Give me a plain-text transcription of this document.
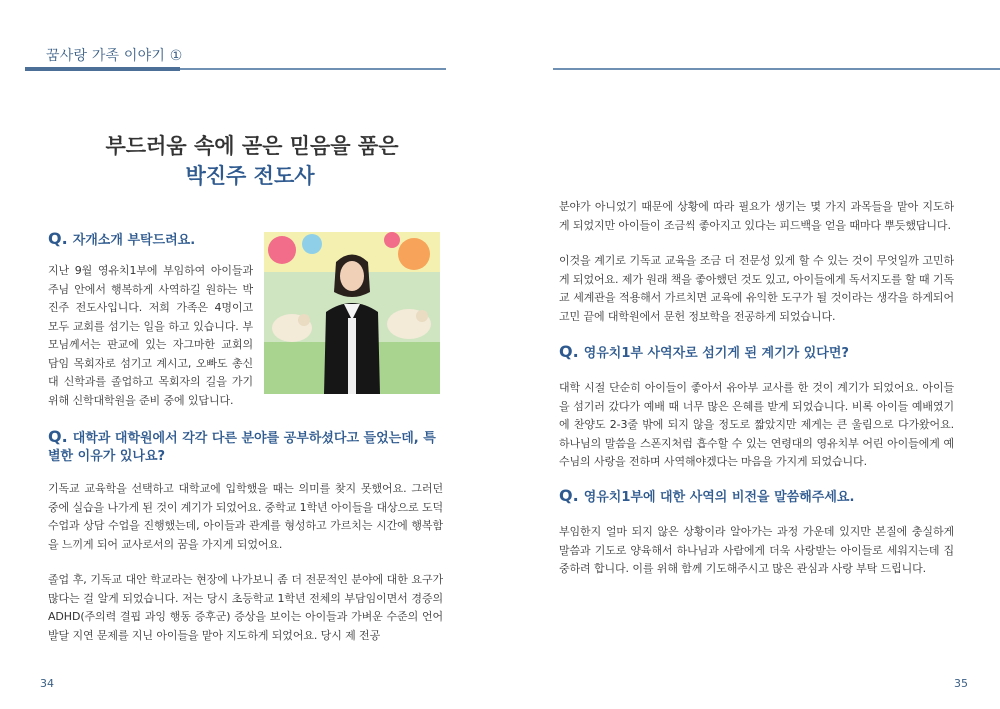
꿈사랑 가족 이야기 ①
부드러움 속에 곧은 믿음을 품은
박진주 전도사
Q. 자개소개 부탁드려요.
지난 9월 영유치1부에 부임하여 아이들과 주님 안에서 행복하게 사역하길 원하는 박진주 전도사입니다. 저희 가족은 4명이고 모두 교회를 섬기는 일을 하고 있습니다. 부모님께서는 판교에 있는 자그마한 교회의 담임 목회자로 섬기고 계시고, 오빠도 총신대 신학과를 졸업하고 목회자의 길을 가기 위해 신학대학원을 준비 중에 있답니다.
Q. 대학과 대학원에서 각각 다른 분야를 공부하셨다고 들었는데, 특별한 이유가 있나요?
기독교 교육학을 선택하고 대학교에 입학했을 때는 의미를 찾지 못했어요. 그러던 중에 실습을 나가게 된 것이 계기가 되었어요. 중학교 1학년 아이들을 대상으로 도덕 수업과 상담 수업을 진행했는데, 아이들과 관계를 형성하고 가르치는 시간에 행복함을 느끼게 되어 교사로서의 꿈을 가지게 되었어요.
졸업 후, 기독교 대안 학교라는 현장에 나가보니 좀 더 전문적인 분야에 대한 요구가 많다는 걸 알게 되었습니다. 저는 당시 초등학교 1학년 전체의 부담임이면서 경증의 ADHD(주의력 결핍 과잉 행동 증후군) 증상을 보이는 아이들과 가벼운 수준의 언어 발달 지연 문제를 지닌 아이들을 맡아 지도하게 되었어요. 당시 제 전공
34
분야가 아니었기 때문에 상황에 따라 필요가 생기는 몇 가지 과목들을 맡아 지도하게 되었지만 아이들이 조금씩 좋아지고 있다는 피드백을 얻을 때마다 뿌듯했답니다.
이것을 계기로 기독교 교육을 조금 더 전문성 있게 할 수 있는 것이 무엇일까 고민하게 되었어요. 제가 원래 책을 좋아했던 것도 있고, 아이들에게 독서지도를 할 때 기독교 세계관을 적용해서 가르치면 교육에 유익한 도구가 될 것이라는 생각을 하게되어 고민 끝에 대학원에서 문헌 정보학을 전공하게 되었습니다.
Q. 영유치1부 사역자로 섬기게 된 계기가 있다면?
대학 시절 단순히 아이들이 좋아서 유아부 교사를 한 것이 계기가 되었어요. 아이들을 섬기러 갔다가 예배 때 너무 많은 은혜를 받게 되었습니다. 비록 아이들 예배였기에 찬양도 2-3줄 밖에 되지 않을 정도로 짧았지만 제게는 큰 울림으로 다가왔어요. 하나님의 말씀을 스폰지처럼 흡수할 수 있는 연령대의 영유치부 어린 아이들에게 예수님의 사랑을 전하며 사역해야겠다는 마음을 가지게 되었습니다.
Q. 영유치1부에 대한 사역의 비전을 말씀해주세요.
부임한지 얼마 되지 않은 상황이라 알아가는 과정 가운데 있지만 본질에 충실하게 말씀과 기도로 양육해서 하나님과 사람에게 더욱 사랑받는 아이들로 세워지는데 집중하려 합니다. 이를 위해 함께 기도해주시고 많은 관심과 사랑 부탁 드립니다.
35
